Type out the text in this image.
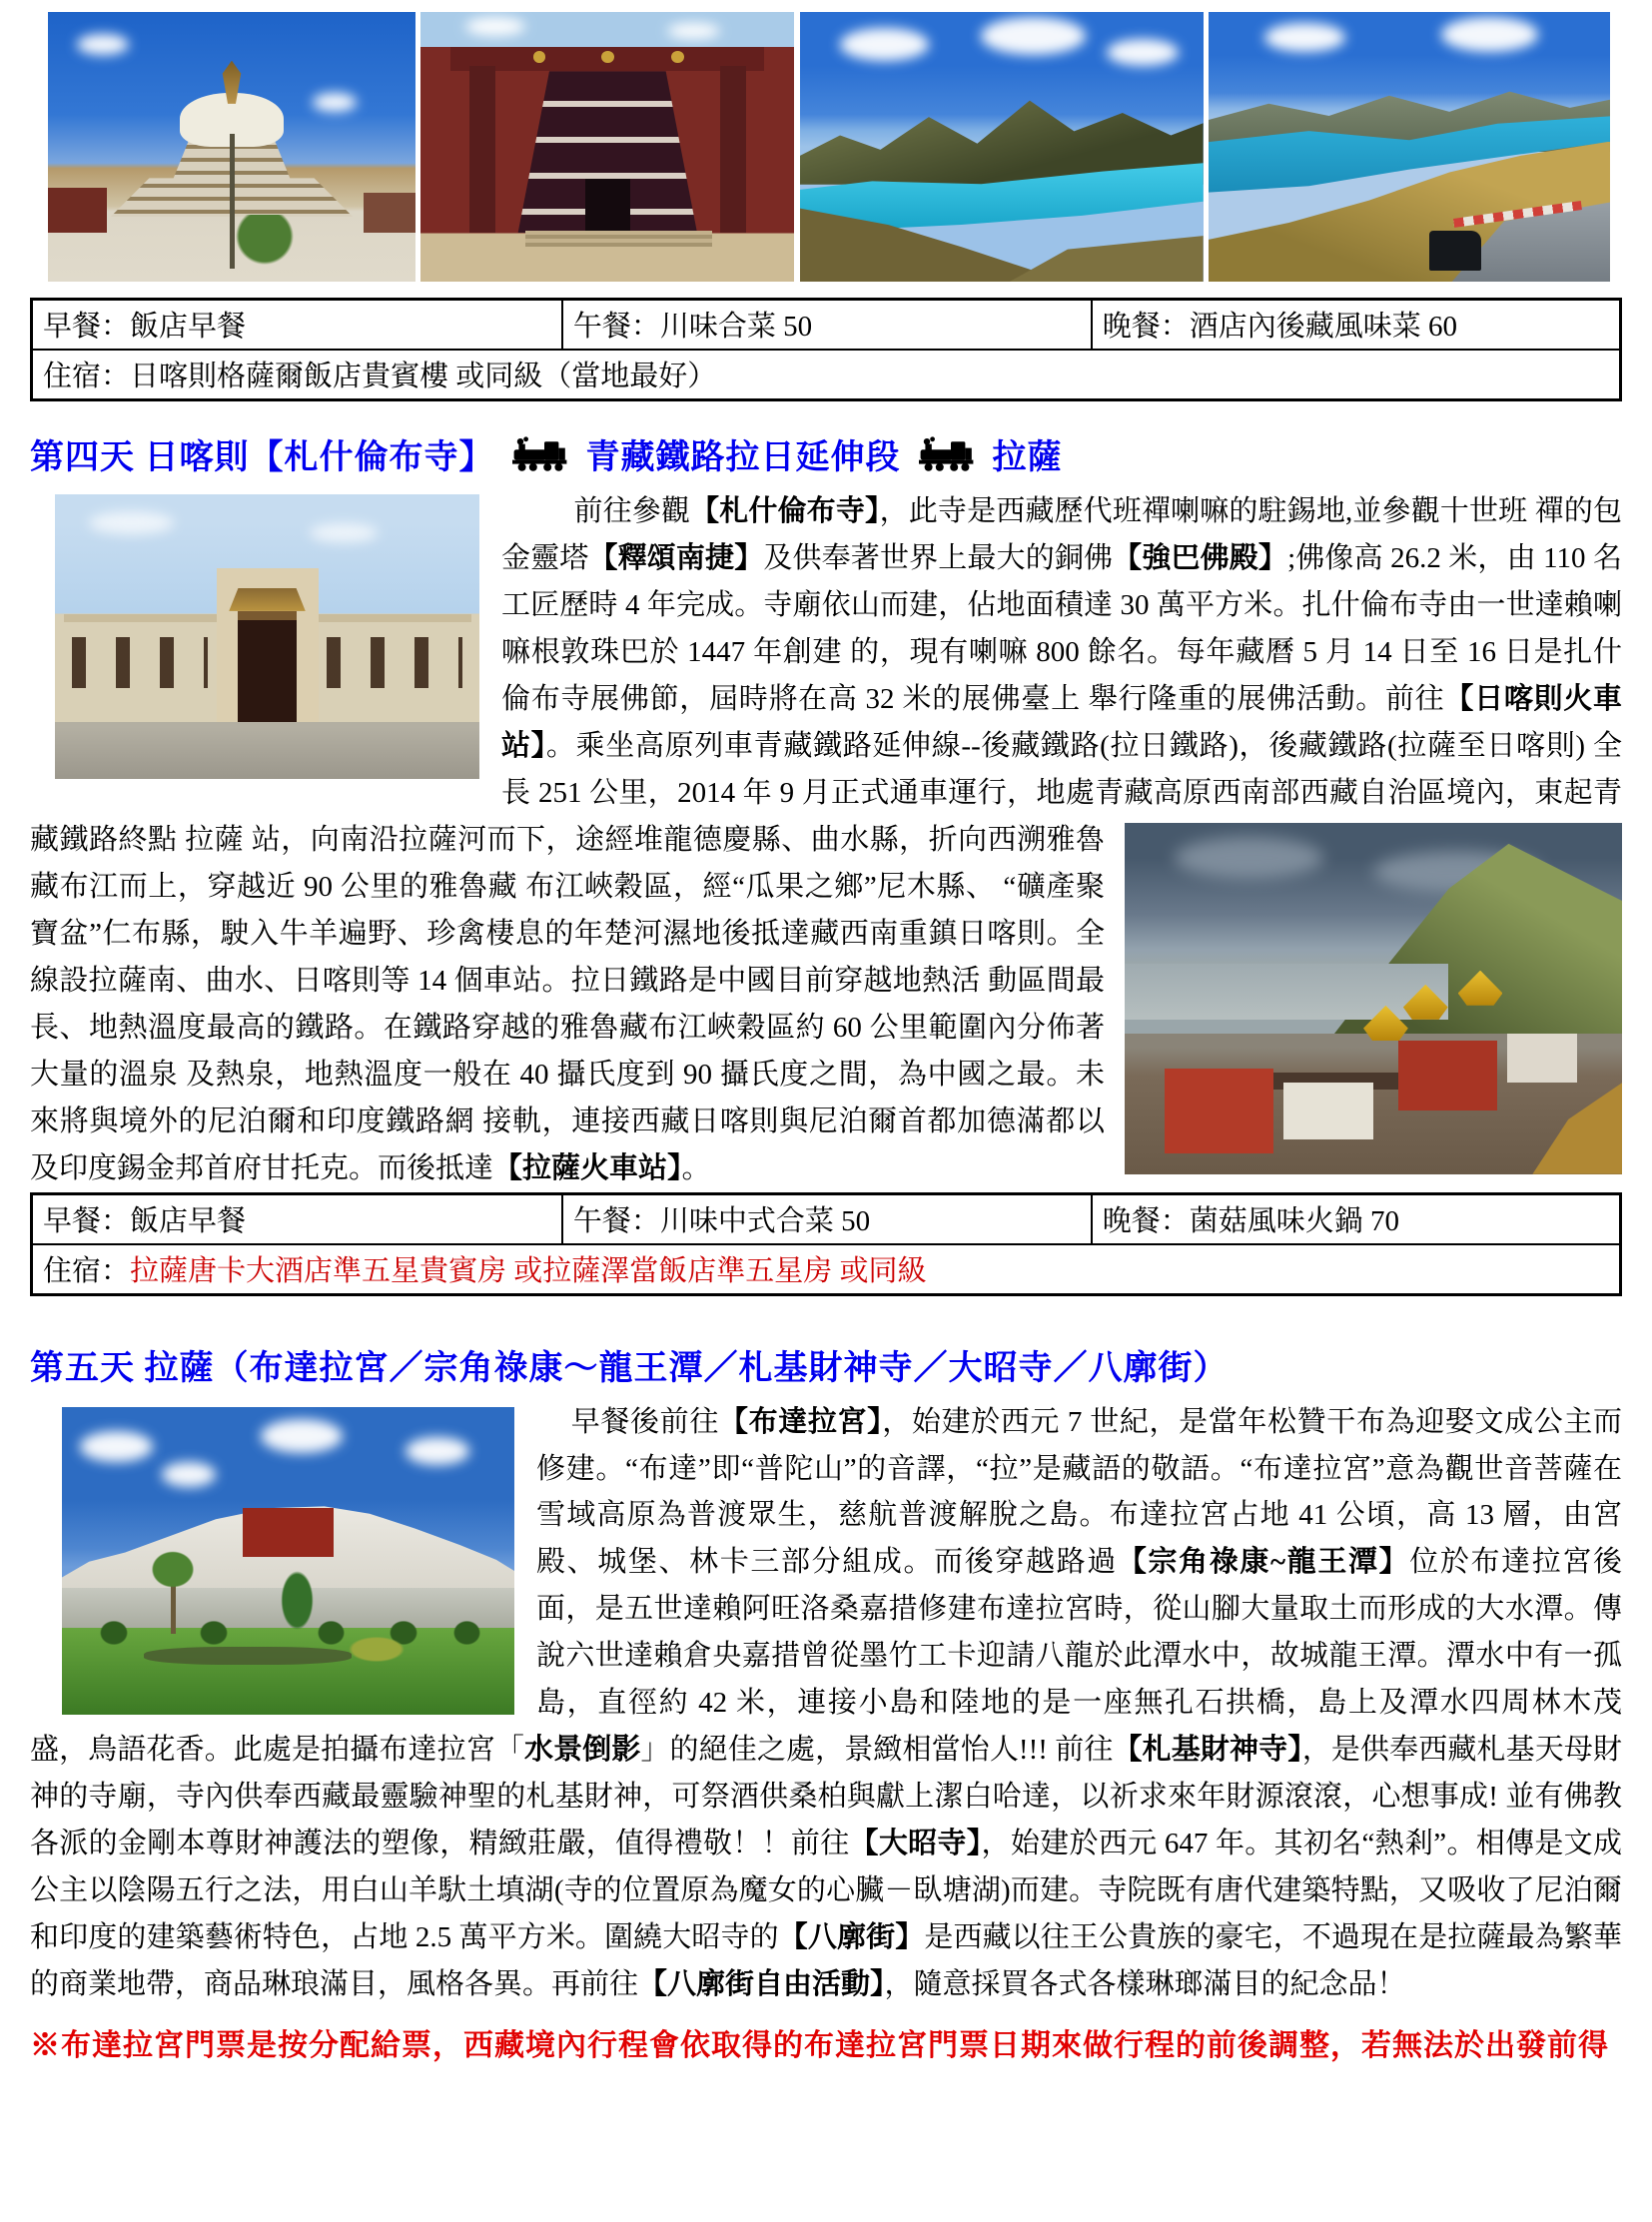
早餐：飯店早餐	午餐：川味合菜 50	晚餐：酒店內後藏風味菜 60
住宿：日喀則格薩爾飯店貴賓樓 或同級（當地最好）
第四天 日喀則【札什倫布寺】	青藏鐵路拉日延伸段	拉薩
前往參觀【札什倫布寺】，此寺是西藏歷代班禪喇嘛的駐錫地,並參觀十世班 禪的包金靈塔【釋頌南捷】及供奉著世界上最大的銅佛【強巴佛殿】;佛像高 26.2 米，由 110 名工匠歷時 4 年完成。寺廟依山而建，佔地面積達 30 萬平方米。扎什倫布寺由一世達賴喇嘛根敦珠巴於 1447 年創建 的，現有喇嘛 800 餘名。每年藏曆 5 月 14 日至 16 日是扎什倫布寺展佛節，屆時將在高 32 米的展佛臺上 舉行隆重的展佛活動。前往【日喀則火車站】。乘坐高原列車青藏鐵路延伸線--後藏鐵路(拉日鐵路)，後藏鐵路(拉薩至日喀則) 全長 251 公里，2014 年 9 月正式通車運行，地處青藏高原西南部西藏自治區境內，東起青藏鐵路終點 拉薩 站，向南沿拉薩河而下，途經堆龍德慶縣、曲水縣，折向西溯雅魯藏布江而上，穿越近 90 公里的雅魯藏 布江峽穀區，經“瓜果之鄉”尼木縣、 “礦產聚寶盆”仁布縣，駛入牛羊遍野、珍禽棲息的年楚河濕地後抵達藏西南重鎮日喀則。全線設拉薩南、曲水、日喀則等 14 個車站。拉日鐵路是中國目前穿越地熱活 動區間最長、地熱溫度最高的鐵路。在鐵路穿越的雅魯藏布江峽穀區約 60 公里範圍內分佈著大量的溫泉 及熱泉，地熱溫度一般在 40 攝氏度到 90 攝氏度之間，為中國之最。未來將與境外的尼泊爾和印度鐵路網 接軌，連接西藏日喀則與尼泊爾首都加德滿都以及印度錫金邦首府甘托克。而後抵達【拉薩火車站】。
早餐：飯店早餐	午餐：川味中式合菜 50	晚餐：菌菇風味火鍋 70
住宿：拉薩唐卡大酒店準五星貴賓房 或拉薩澤當飯店準五星房 或同級
第五天 拉薩（布達拉宮／宗角祿康～龍王潭／札基財神寺／大昭寺／八廓街）
早餐後前往【布達拉宮】，始建於西元 7 世紀，是當年松贊干布為迎娶文成公主而修建。“布達”即“普陀山”的音譯，“拉”是藏語的敬語。“布達拉宮”意為觀世音菩薩在雪域高原為普渡眾生，慈航普渡解脫之島。布達拉宮占地 41 公頃，高 13 層，由宮殿、城堡、林卡三部分組成。而後穿越路過【宗角祿康~龍王潭】位於布達拉宮後面，是五世達賴阿旺洛桑嘉措修建布達拉宮時，從山腳大量取土而形成的大水潭。傳說六世達賴倉央嘉措曾從墨竹工卡迎請八龍於此潭水中，故城龍王潭。潭水中有一孤島，直徑約 42 米，連接小島和陸地的是一座無孔石拱橋，島上及潭水四周林木茂盛，鳥語花香。此處是拍攝布達拉宮「水景倒影」的絕佳之處，景緻相當怡人!!! 前往【札基財神寺】，是供奉西藏札基天母財神的寺廟，寺內供奉西藏最靈驗神聖的札基財神，可祭酒供桑柏與獻上潔白哈達，以祈求來年財源滾滾，心想事成! 並有佛教各派的金剛本尊財神護法的塑像，精緻莊嚴，值得禮敬！！前往【大昭寺】，始建於西元 647 年。其初名“熱剎”。相傳是文成公主以陰陽五行之法，用白山羊馱土填湖(寺的位置原為魔女的心臟－臥塘湖)而建。寺院既有唐代建築特點，又吸收了尼泊爾和印度的建築藝術特色，占地 2.5 萬平方米。圍繞大昭寺的【八廓街】是西藏以往王公貴族的豪宅，不過現在是拉薩最為繁華的商業地帶，商品琳琅滿目，風格各異。再前往【八廓街自由活動】，隨意採買各式各樣琳瑯滿目的紀念品！

※布達拉宮門票是按分配給票，西藏境內行程會依取得的布達拉宮門票日期來做行程的前後調整，若無法於出發前得
